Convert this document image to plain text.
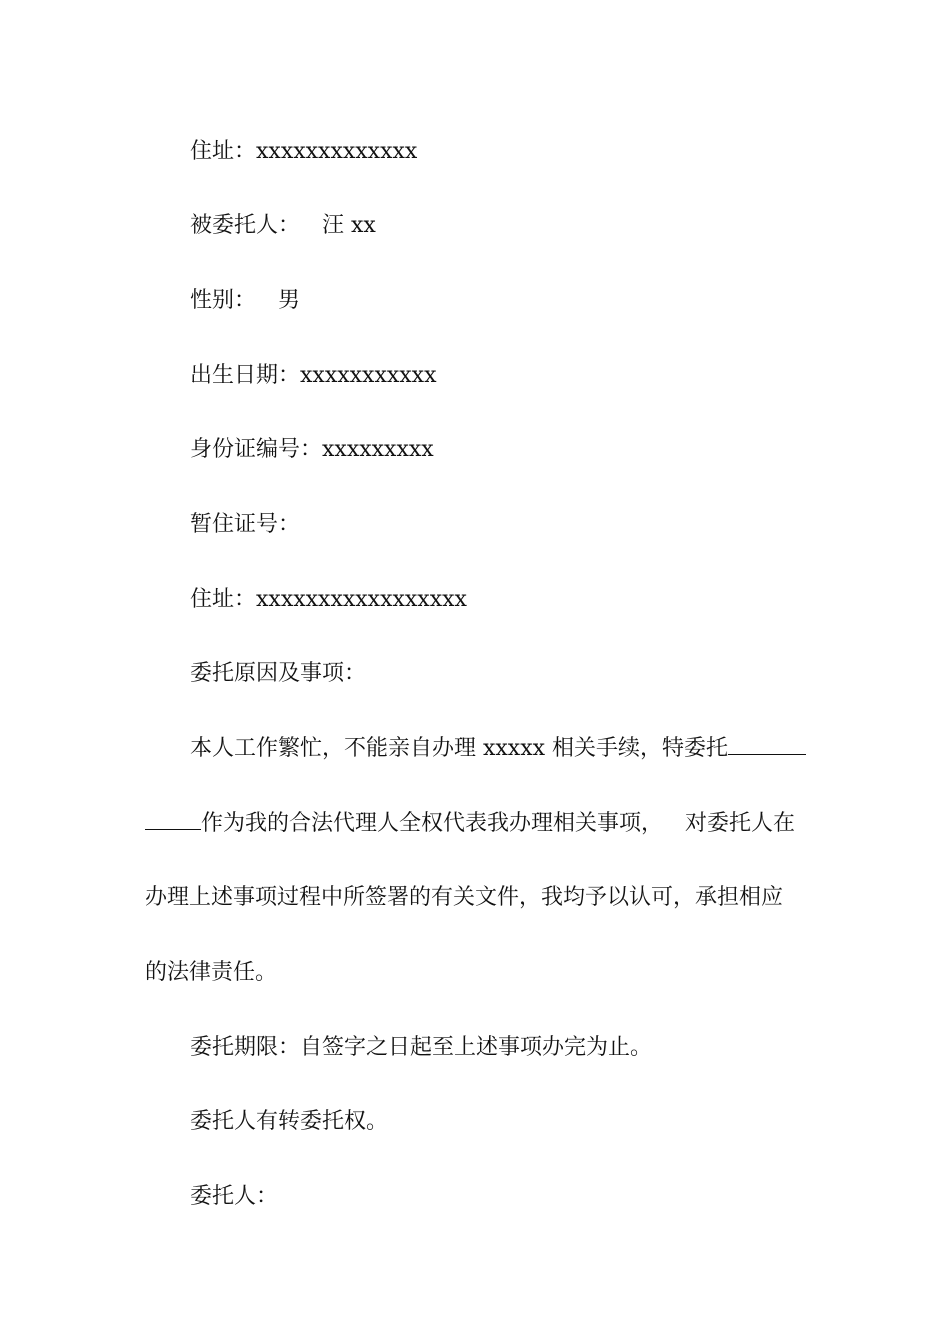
住址：xxxxxxxxxxxxx
被委托人： 汪 xx
性别： 男
出生日期：xxxxxxxxxxx
身份证编号：xxxxxxxxx
暂住证号：
住址：xxxxxxxxxxxxxxxxx
委托原因及事项：
本人工作繁忙，不能亲自办理 xxxxx 相关手续，特委托
作为我的合法代理人全权代表我办理相关事项， 对委托人在
办理上述事项过程中所签署的有关文件，我均予以认可，承担相应
的法律责任。
委托期限：自签字之日起至上述事项办完为止。
委托人有转委托权。
委托人：
